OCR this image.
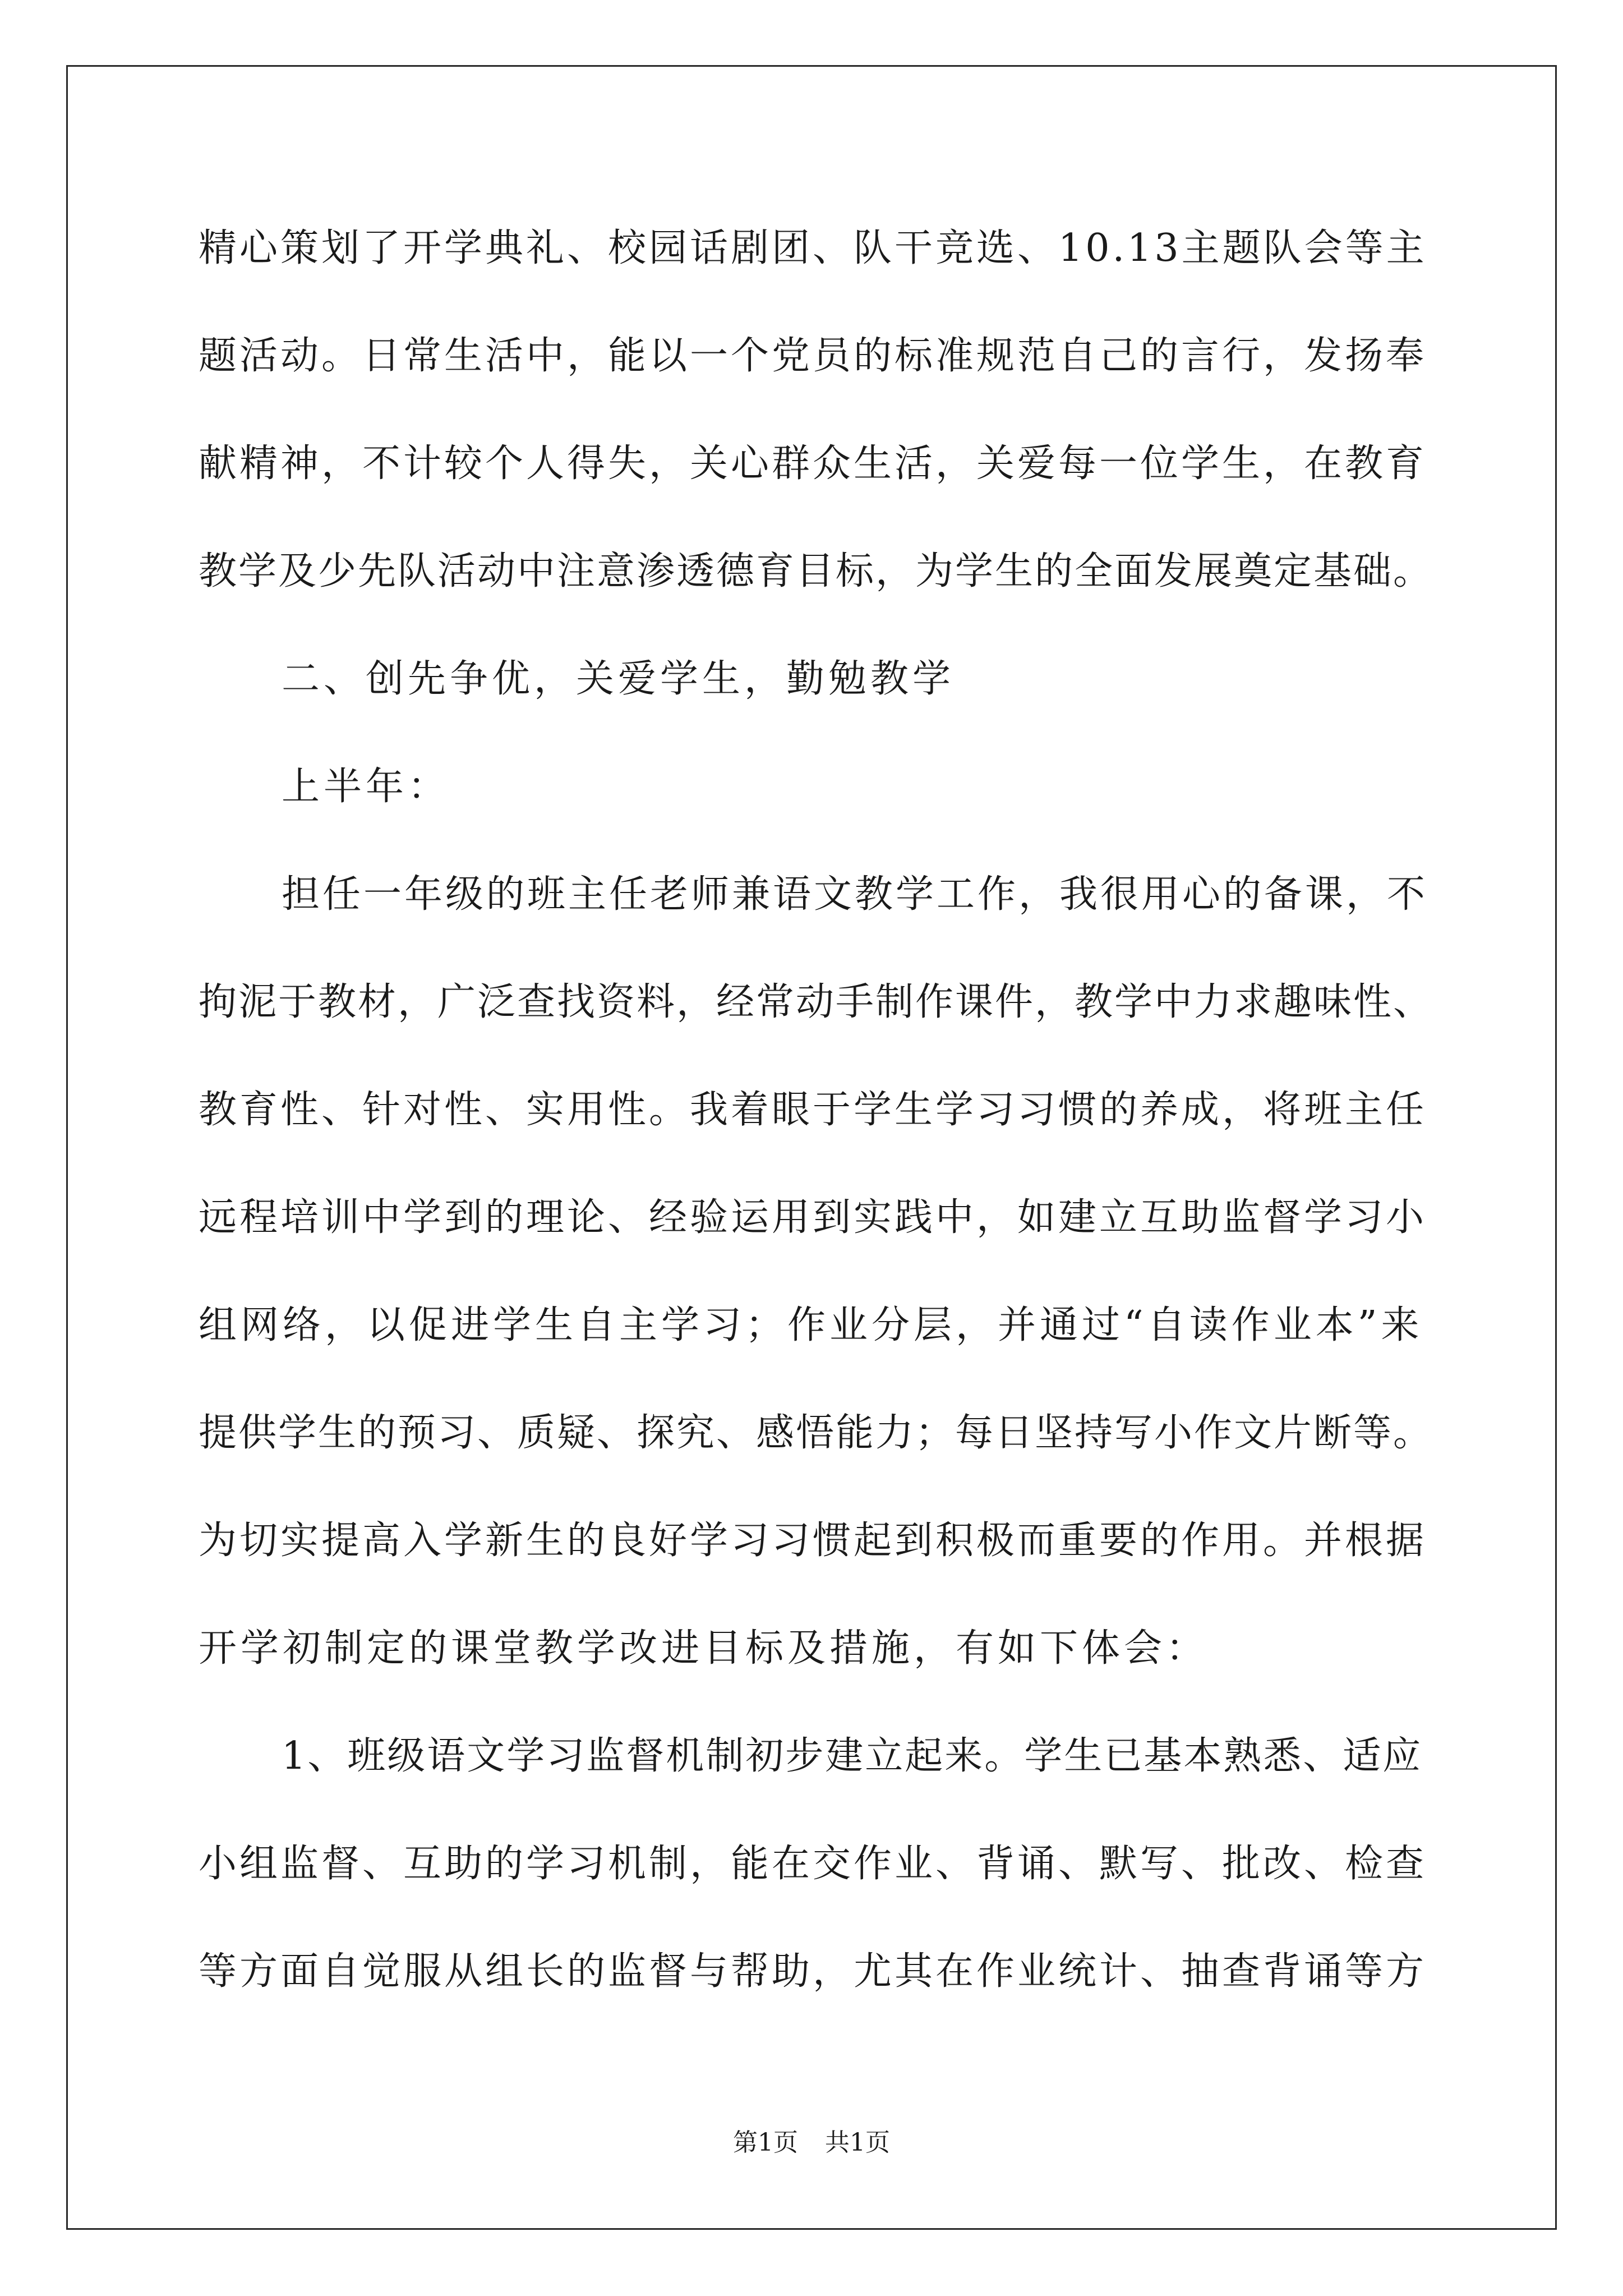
精心策划了开学典礼、校园话剧团、队干竞选、10.13主题队会等主
题活动。日常生活中，能以一个党员的标准规范自己的言行，发扬奉
献精神，不计较个人得失，关心群众生活，关爱每一位学生，在教育
教学及少先队活动中注意渗透德育目标，为学生的全面发展奠定基础。
二、创先争优，关爱学生，勤勉教学
上半年：
担任一年级的班主任老师兼语文教学工作，我很用心的备课，不
拘泥于教材，广泛查找资料，经常动手制作课件，教学中力求趣味性、
教育性、针对性、实用性。我着眼于学生学习习惯的养成，将班主任
远程培训中学到的理论、经验运用到实践中，如建立互助监督学习小
组网络，以促进学生自主学习；作业分层，并通过“自读作业本”来
提供学生的预习、质疑、探究、感悟能力；每日坚持写小作文片断等。
为切实提高入学新生的良好学习习惯起到积极而重要的作用。并根据
开学初制定的课堂教学改进目标及措施，有如下体会：
1、班级语文学习监督机制初步建立起来。学生已基本熟悉、适应
小组监督、互助的学习机制，能在交作业、背诵、默写、批改、检查
等方面自觉服从组长的监督与帮助，尤其在作业统计、抽查背诵等方
第1页 共1页
